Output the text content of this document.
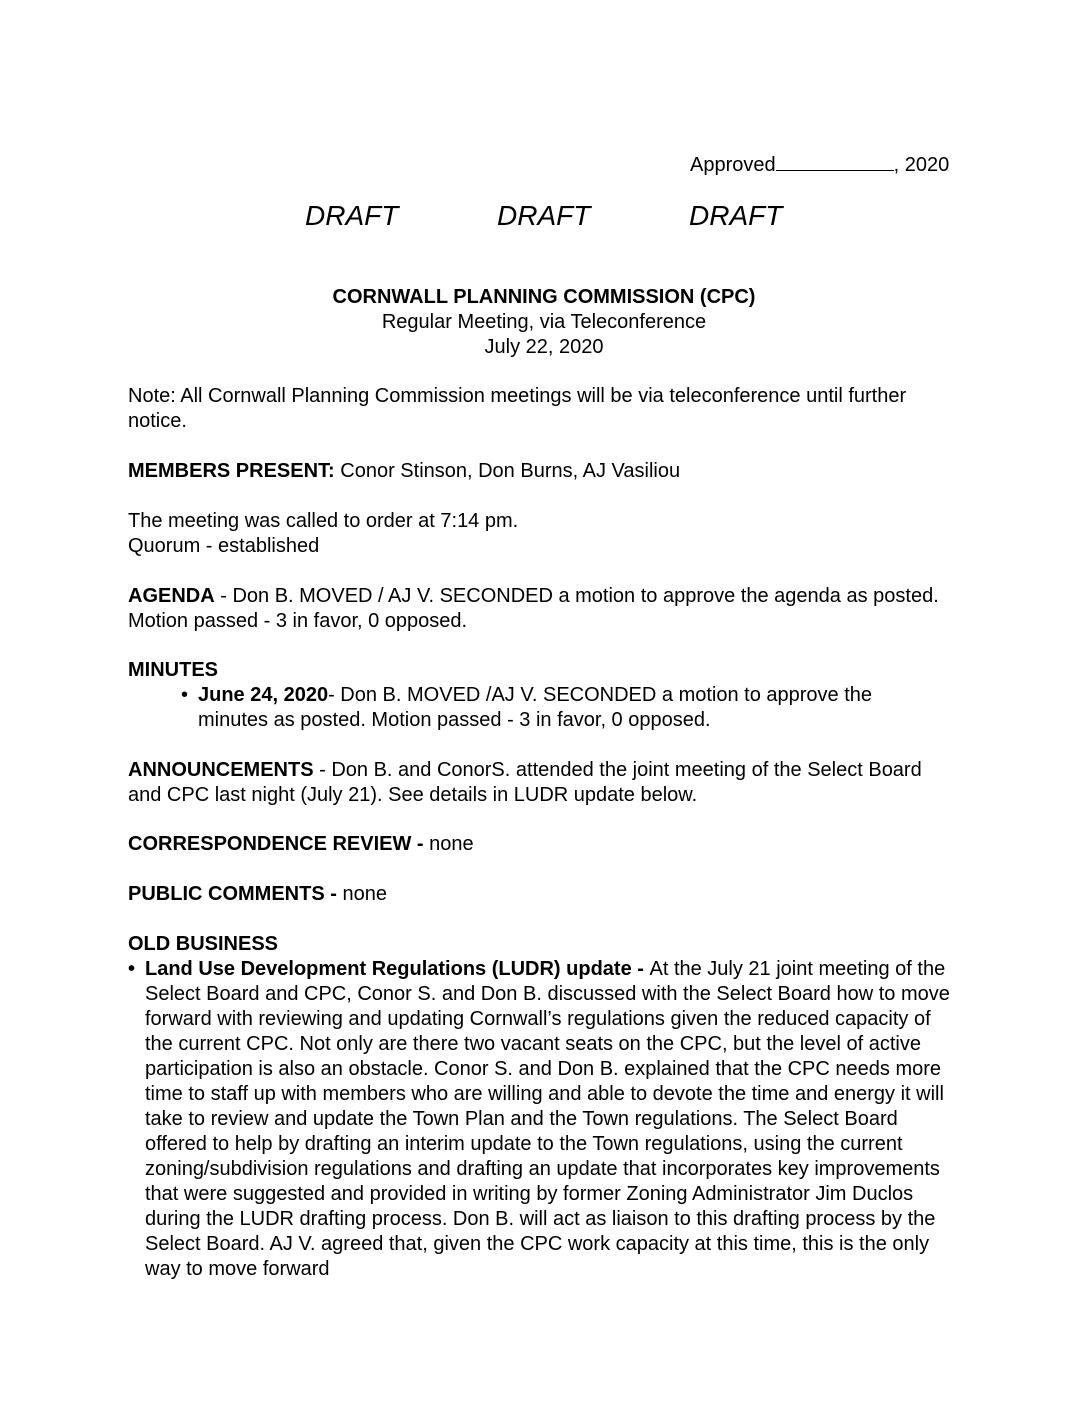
Approved	, 2020
DRAFT	DRAFT	DRAFT
CORNWALL PLANNING COMMISSION (CPC)
Regular Meeting, via Teleconference
July 22, 2020

Note: All Cornwall Planning Commission meetings will be via teleconference until further notice.

MEMBERS PRESENT: Conor Stinson, Don Burns, AJ Vasiliou

The meeting was called to order at 7:14 pm.

Quorum - established

AGENDA - Don B. MOVED / AJ V. SECONDED a motion to approve the agenda as posted. Motion passed - 3 in favor, 0 opposed.

MINUTES

• June 24, 2020- Don B. MOVED /AJ V. SECONDED a motion to approve the minutes as posted. Motion passed - 3 in favor, 0 opposed.

ANNOUNCEMENTS - Don B. and ConorS. attended the joint meeting of the Select Board and CPC last night (July 21). See details in LUDR update below.

CORRESPONDENCE REVIEW - none

PUBLIC COMMENTS - none

OLD BUSINESS

• Land Use Development Regulations (LUDR) update - At the July 21 joint meeting of the Select Board and CPC, Conor S. and Don B. discussed with the Select Board how to move forward with reviewing and updating Cornwall’s regulations given the reduced capacity of the current CPC. Not only are there two vacant seats on the CPC, but the level of active participation is also an obstacle. Conor S. and Don B. explained that the CPC needs more time to staff up with members who are willing and able to devote the time and energy it will take to review and update the Town Plan and the Town regulations. The Select Board offered to help by drafting an interim update to the Town regulations, using the current zoning/subdivision regulations and drafting an update that incorporates key improvements that were suggested and provided in writing by former Zoning Administrator Jim Duclos during the LUDR drafting process. Don B. will act as liaison to this drafting process by the Select Board. AJ V. agreed that, given the CPC work capacity at this time, this is the only way to move forward
